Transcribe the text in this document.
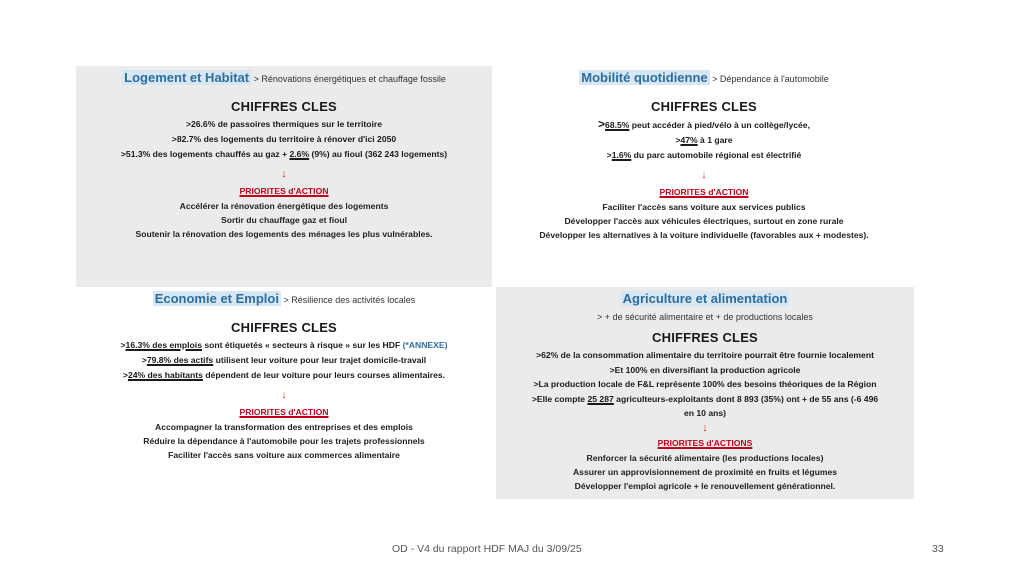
Logement et Habitat > Rénovations énergétiques et chauffage fossile
CHIFFRES CLES
>26.6% de passoires thermiques sur le territoire
>82.7% des logements du territoire à rénover d'ici 2050
>51.3% des logements chauffés au gaz + 2.6% (9%) au fioul (362 243 logements)
↓
PRIORITES d'ACTION
Accélérer la rénovation énergétique des logements
Sortir du chauffage gaz et fioul
Soutenir la rénovation des logements des ménages les plus vulnérables.
Mobilité quotidienne > Dépendance à l'automobile
CHIFFRES CLES
>68.5% peut accéder à pied/vélo à un collège/lycée,
>47% à 1 gare
>1.6% du parc automobile régional est électrifié
↓
PRIORITES d'ACTION
Faciliter l'accès sans voiture aux services publics
Développer l'accès aux véhicules électriques, surtout en zone rurale
Développer les alternatives à la voiture individuelle (favorables aux + modestes).
Economie et Emploi > Résilience des activités locales
CHIFFRES CLES
>16.3% des emplois sont étiquetés « secteurs à risque » sur les HDF (*ANNEXE)
>79.8% des actifs utilisent leur voiture pour leur trajet domicile-travail
>24% des habitants dépendent de leur voiture pour leurs courses alimentaires.
↓
PRIORITES d'ACTION
Accompagner la transformation des entreprises et des emplois
Réduire la dépendance à l'automobile pour les trajets professionnels
Faciliter l'accès sans voiture aux commerces alimentaire
Agriculture et alimentation
> + de sécurité alimentaire et + de productions locales
CHIFFRES CLES
>62% de la consommation alimentaire du territoire pourrait être fournie localement
>Et 100% en diversifiant la production agricole
>La production locale de F&L représente 100% des besoins théoriques de la Région
>Elle compte 25 287 agriculteurs-exploitants dont 8 893 (35%) ont + de 55 ans (-6 496
en 10 ans)
↓
PRIORITES d'ACTIONS
Renforcer la sécurité alimentaire (les productions locales)
Assurer un approvisionnement de proximité en fruits et légumes
Développer l'emploi agricole + le renouvellement générationnel.
OD - V4 du rapport HDF MAJ du 3/09/25	33
